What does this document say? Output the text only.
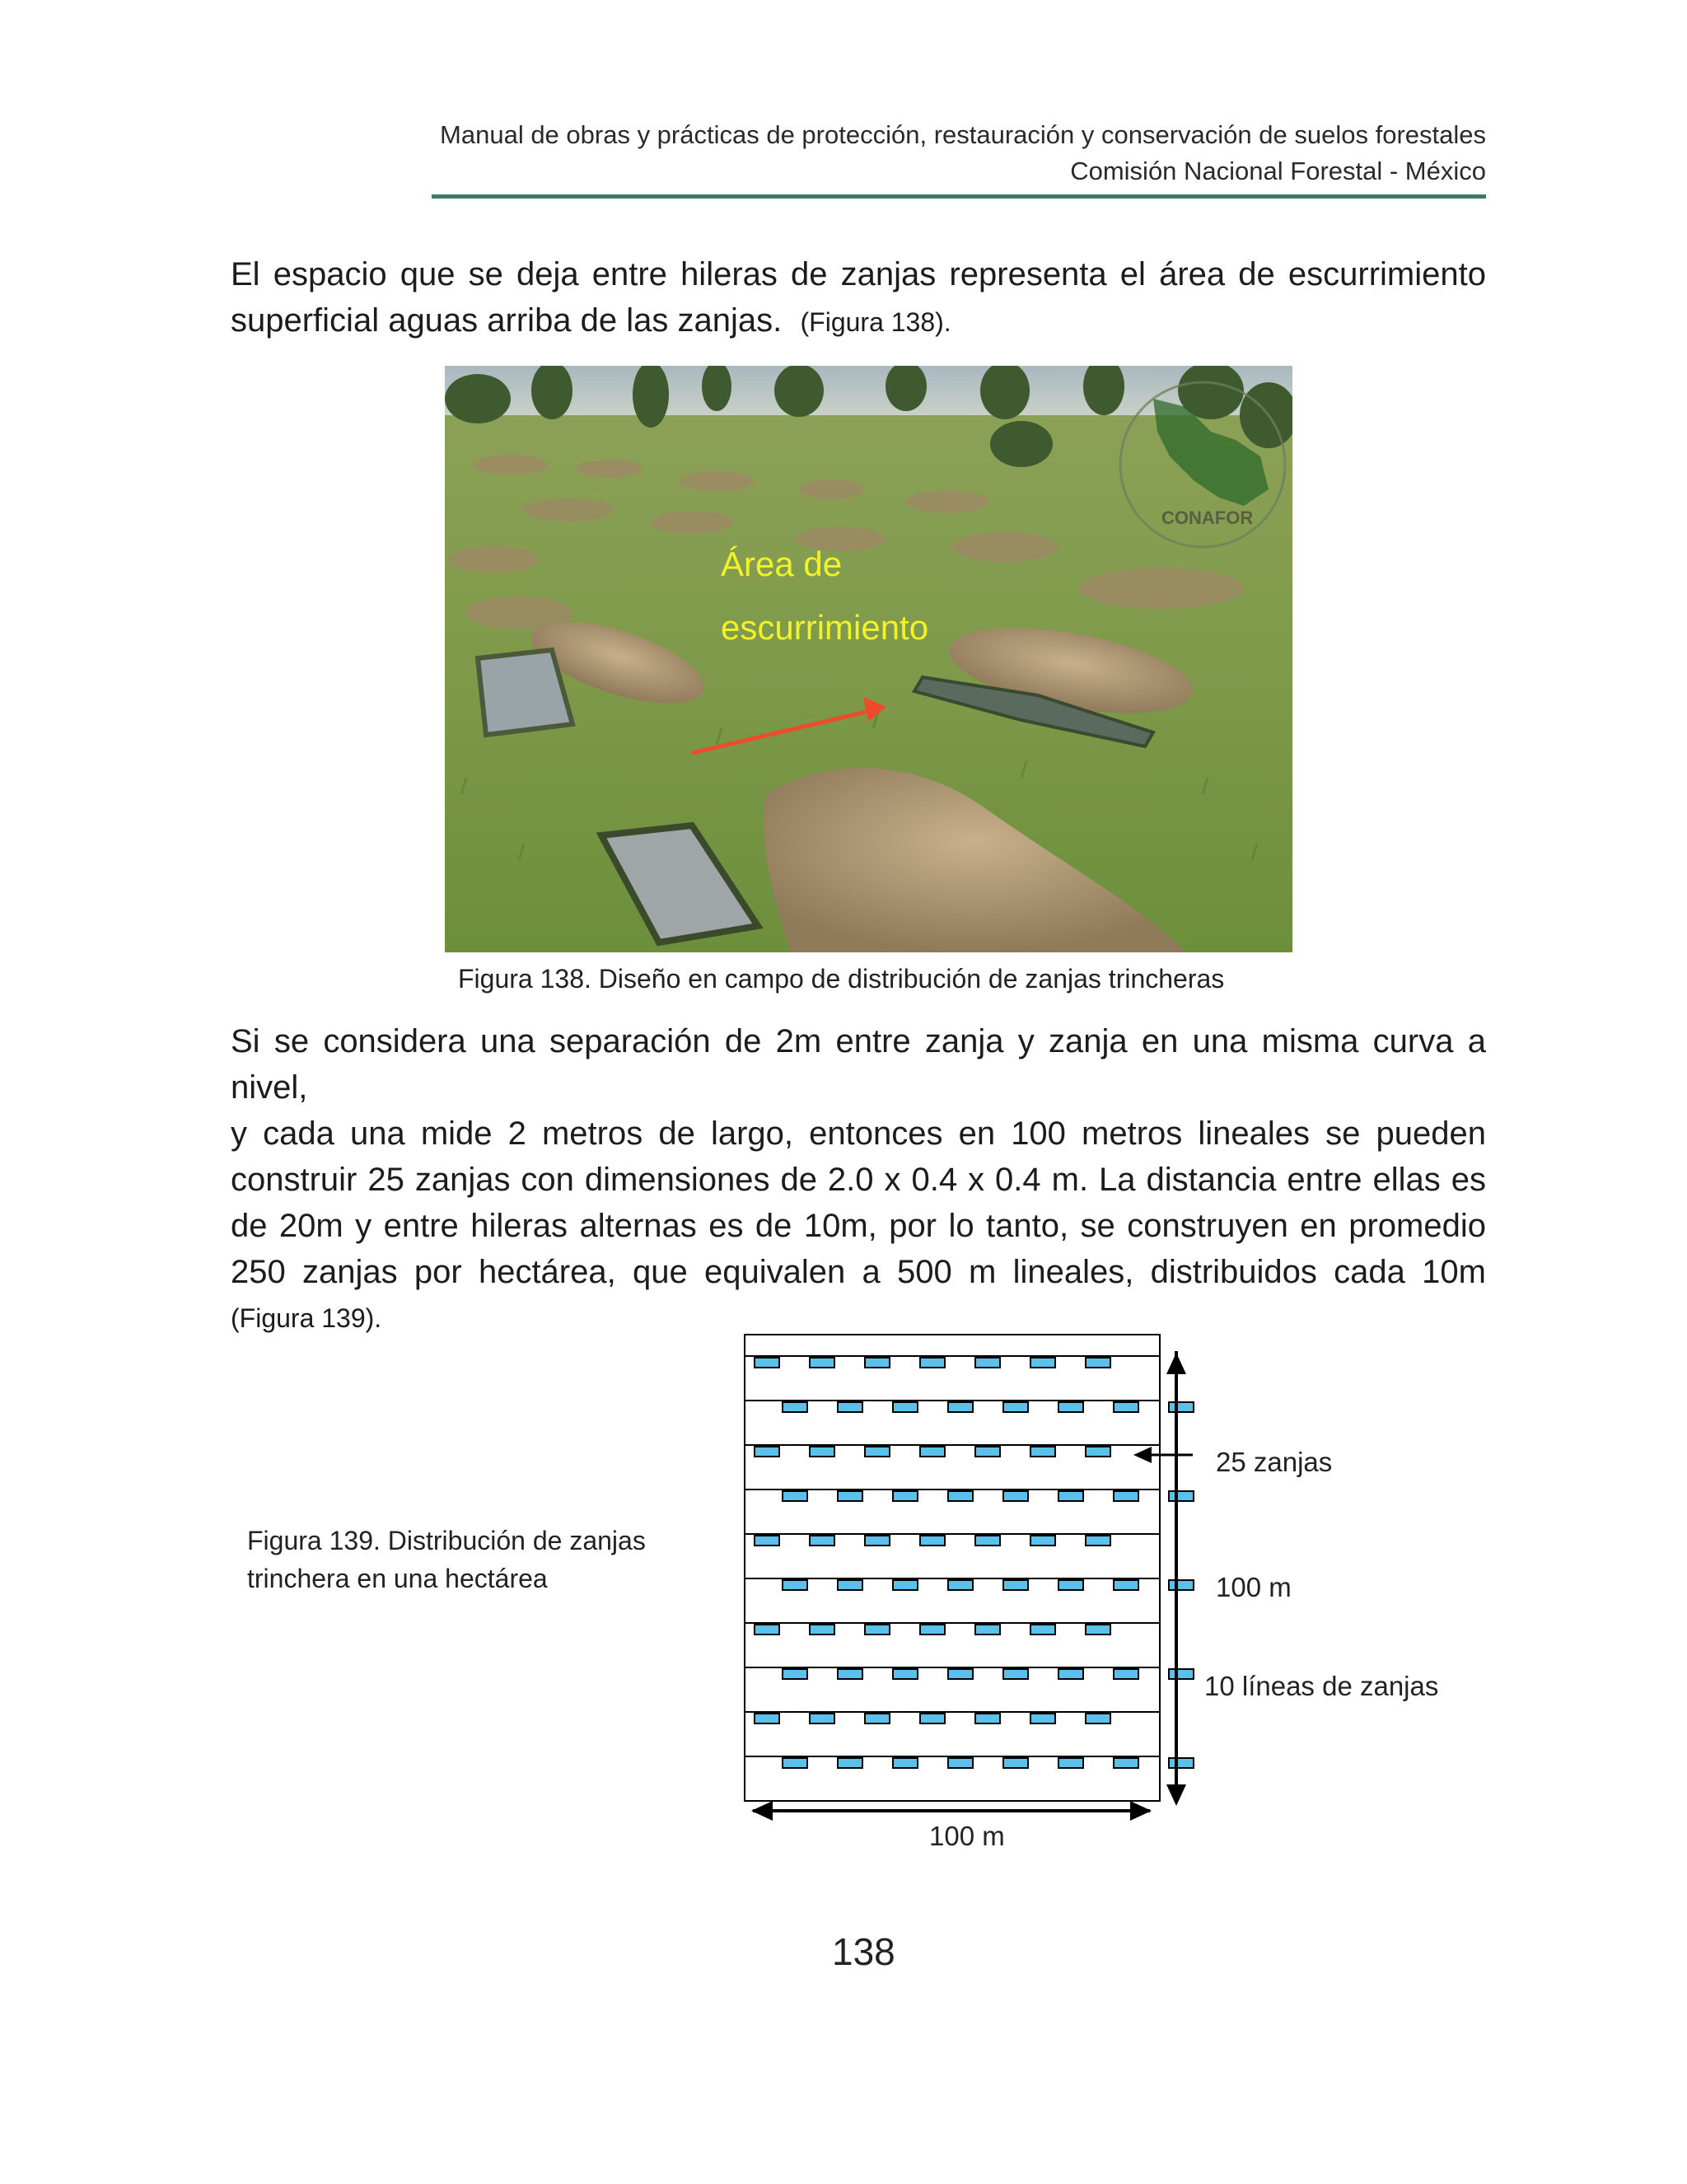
Manual de obras y prácticas de protección, restauración y conservación de suelos forestales
Comisión Nacional Forestal - México
El espacio que se deja entre hileras de zanjas representa el área de escurrimiento
superficial aguas arriba de las zanjas. (Figura 138).
CONAFOR
Área de
escurrimiento
Figura 138. Diseño en campo de distribución de zanjas trincheras
Si se considera una separación de 2m entre zanja y zanja en una misma curva a nivel,
y cada una mide 2 metros de largo, entonces en 100 metros lineales se pueden
construir 25 zanjas con dimensiones de 2.0 x 0.4 x 0.4 m. La distancia entre ellas es
de 20m y entre hileras alternas es de 10m, por lo tanto, se construyen en promedio
250 zanjas por hectárea, que equivalen a 500 m lineales, distribuidos cada 10m
(Figura 139).
Figura 139. Distribución de zanjas
trinchera en una hectárea
25 zanjas
100 m
10 líneas de zanjas
100 m
138
